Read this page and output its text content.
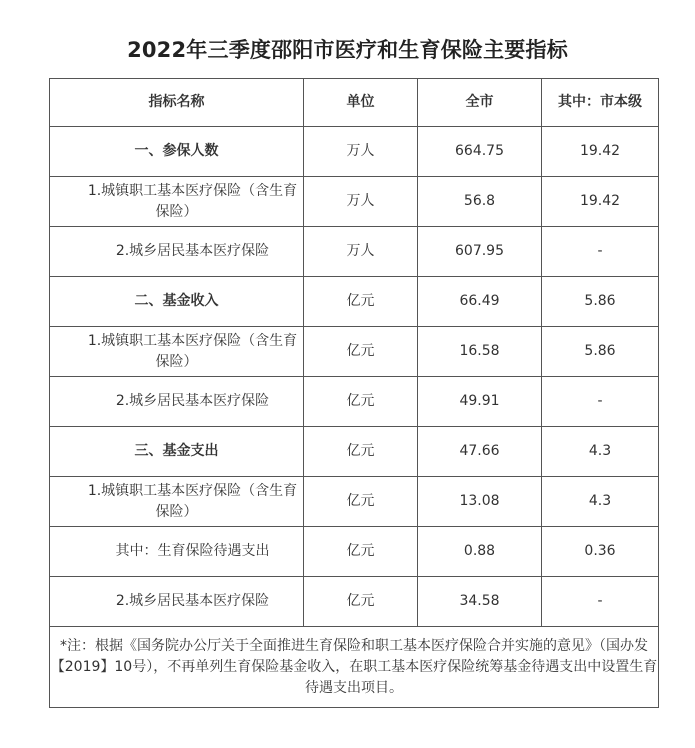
2022年三季度邵阳市医疗和生育保险主要指标
指标名称	单位	全市	其中：市本级
一、参保人数	万人	664.75	19.42

1.城镇职工基本医疗保险（含生育保险）	万人	56.8	19.42

2.城乡居民基本医疗保险	万人	607.95	-
二、基金收入	亿元	66.49	5.86

1.城镇职工基本医疗保险（含生育保险）	亿元	16.58	5.86

2.城乡居民基本医疗保险	亿元	49.91	-
三、基金支出	亿元	47.66	4.3

1.城镇职工基本医疗保险（含生育保险）	亿元	13.08	4.3

其中：生育保险待遇支出	亿元	0.88	0.36

2.城乡居民基本医疗保险	亿元	34.58	-
*注：根据《国务院办公厅关于全面推进生育保险和职工基本医疗保险合并实施的意见》（国办发【2019】10号），不再单列生育保险基金收入，在职工基本医疗保险统筹基金待遇支出中设置生育待遇支出项目。			
